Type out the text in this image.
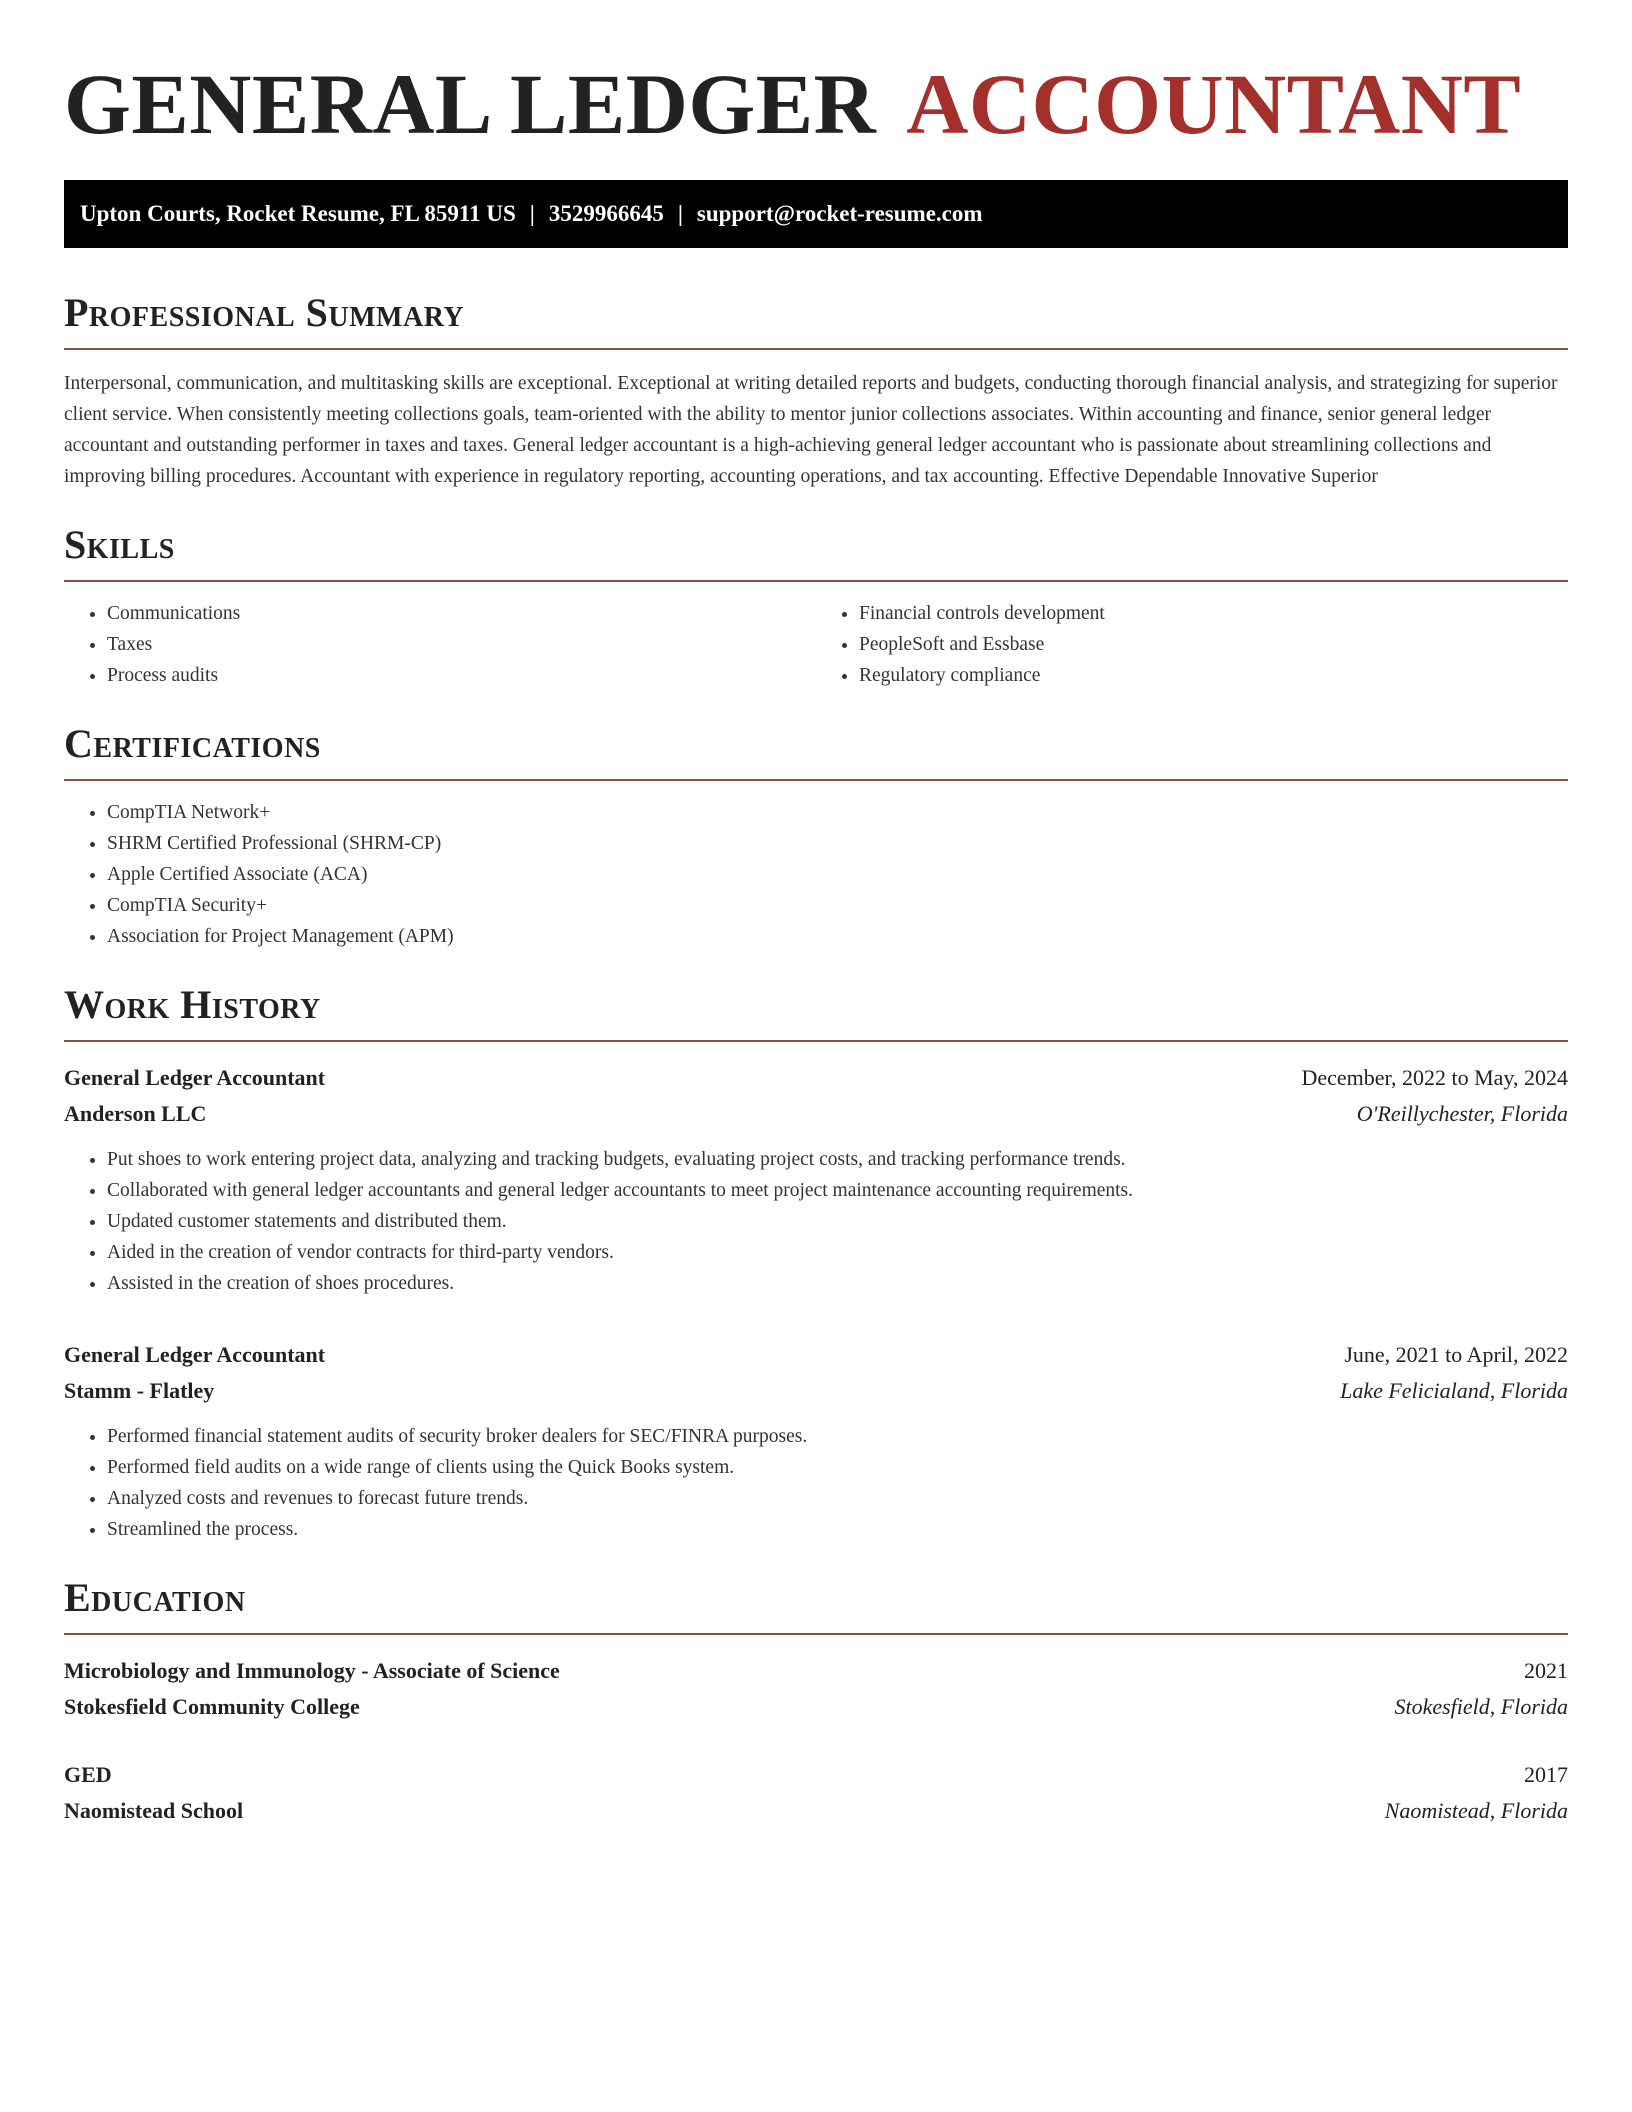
GENERAL LEDGER ACCOUNTANT
Upton Courts, Rocket Resume, FL 85911 US | 3529966645 | support@rocket-resume.com
Professional Summary

Interpersonal, communication, and multitasking skills are exceptional. Exceptional at writing detailed reports and budgets, conducting thorough financial analysis, and strategizing for superior client service. When consistently meeting collections goals, team-oriented with the ability to mentor junior collections associates. Within accounting and finance, senior general ledger accountant and outstanding performer in taxes and taxes. General ledger accountant is a high-achieving general ledger accountant who is passionate about streamlining collections and improving billing procedures. Accountant with experience in regulatory reporting, accounting operations, and tax accounting. Effective Dependable Innovative Superior

Skills
• Communications
• Taxes
• Process audits
• Financial controls development
• PeopleSoft and Essbase
• Regulatory compliance
Certifications
• CompTIA Network+
• SHRM Certified Professional (SHRM-CP)
• Apple Certified Associate (ACA)
• CompTIA Security+
• Association for Project Management (APM)
Work History
General Ledger Accountant	December, 2022 to May, 2024
Anderson LLC	O'Reillychester, Florida
• Put shoes to work entering project data, analyzing and tracking budgets, evaluating project costs, and tracking performance trends.
• Collaborated with general ledger accountants and general ledger accountants to meet project maintenance accounting requirements.
• Updated customer statements and distributed them.
• Aided in the creation of vendor contracts for third-party vendors.
• Assisted in the creation of shoes procedures.
General Ledger Accountant	June, 2021 to April, 2022
Stamm - Flatley	Lake Felicialand, Florida
• Performed financial statement audits of security broker dealers for SEC/FINRA purposes.
• Performed field audits on a wide range of clients using the Quick Books system.
• Analyzed costs and revenues to forecast future trends.
• Streamlined the process.
Education
Microbiology and Immunology - Associate of Science	2021
Stokesfield Community College	Stokesfield, Florida
GED	2017
Naomistead School	Naomistead, Florida
